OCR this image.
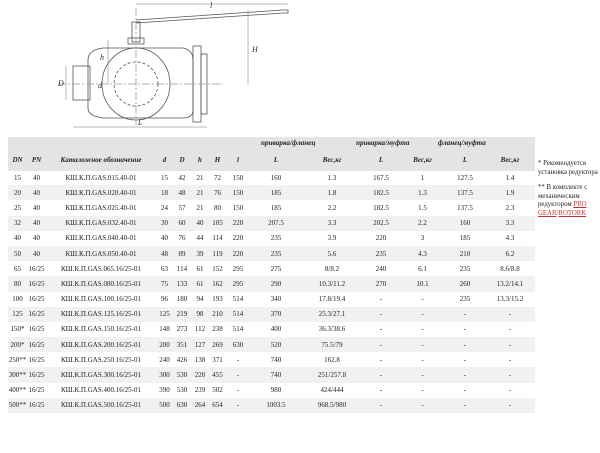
l
H
h
D	d
L
приварка/фланец	приварка/муфта	фланец/муфта
DN	PN	Каталожное обозначение	d	D	h	H	l	L	Вес,кг	L	Вес,кг	L	Вес,кг
15	40	КШ.К.П.GAS.015.40-01	15	42	21	72	150	160	1.3	167.5	1	127.5	1.4
20	40	КШ.К.П.GAS.020.40-01	18	48	21	76	150	185	1.8	182.5	1.3	137.5	1.9
25	40	КШ.К.П.GAS.025.40-01	24	57	21	80	150	185	2.2	182.5	1.5	137.5	2.3
32	40	КШ.К.П.GAS.032.40-01	30	60	40	105	220	207.5	3.3	202.5	2.2	160	3.3
40	40	КШ.К.П.GAS.040.40-01	40	76	44	114	220	235	3.9	220	3	185	4.3
50	40	КШ.К.П.GAS.050.40-01	48	89	39	119	220	235	5.6	235	4.3	210	6.2
65	16/25	КШ.К.П.GAS.065.16/25-01	63	114	61	152	295	275	8/8.2	240	6.1	235	8.6/8.8
80	16/25	КШ.К.П.GAS.080.16/25-01	75	133	61	162	295	290	10.3/11.2	270	10.1	260	13.2/14.1
100	16/25	КШ.К.П.GAS.100.16/25-01	96	180	94	193	514	340	17.8/19.4	-	-	235	13.3/15.2
125	16/25	КШ.К.П.GAS.125.16/25-01	125	219	98	210	514	370	25.3/27.1	-	-	-	-
150*	16/25	КШ.К.П.GAS.150.16/25-01	148	273	112	238	514	400	36.3/38.6	-	-	-	-
200*	16/25	КШ.К.П.GAS.200.16/25-01	200	351	127	269	630	520	75.5/79	-	-	-	-
250**	16/25	КШ.К.П.GAS.250.16/25-01	240	426	138	371	-	740	162.8	-	-	-	-
300**	16/25	КШ.К.П.GAS.300.16/25-01	300	530	220	455	-	740	251/257.8	-	-	-	-
400**	16/25	КШ.К.П.GAS.400.16/25-01	390	530	239	502	-	980	424/444	-	-	-	-
500**	16/25	КШ.К.П.GAS.500.16/25-01	500	630	264	654	-	1003.5	968.5/980	-	-	-	-

* Рекомендуется установка редуктора

** В комплекте с механическим редуктором PRO GEAR/ROTORK
